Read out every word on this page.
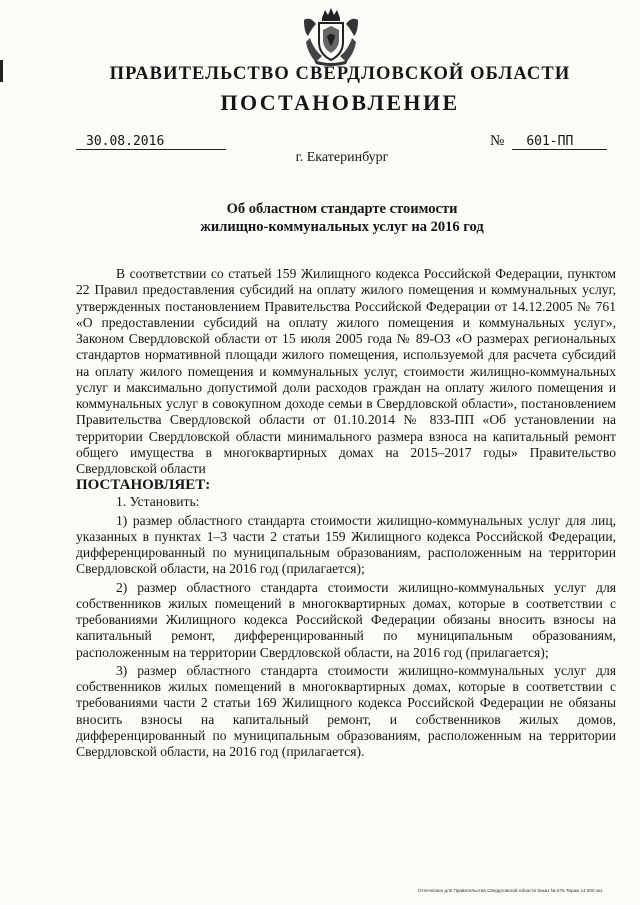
ПРАВИТЕЛЬСТВО СВЕРДЛОВСКОЙ ОБЛАСТИ
ПОСТАНОВЛЕНИЕ
30.08.2016	№	601-ПП
г. Екатеринбург
Об областном стандарте стоимости
жилищно-коммунальных услуг на 2016 год

В соответствии со статьей 159 Жилищного кодекса Российской Федерации, пунктом 22 Правил предоставления субсидий на оплату жилого помещения и коммунальных услуг, утвержденных постановлением Правительства Российской Федерации от 14.12.2005 № 761 «О предоставлении субсидий на оплату жилого помещения и коммунальных услуг», Законом Свердловской области от 15 июля 2005 года № 89-ОЗ «О размерах региональных стандартов нормативной площади жилого помещения, используемой для расчета субсидий на оплату жилого помещения и коммунальных услуг, стоимости жилищно-коммунальных услуг и максимально допустимой доли расходов граждан на оплату жилого помещения и коммунальных услуг в совокупном доходе семьи в Свердловской области», постановлением Правительства Свердловской области от 01.10.2014 № 833-ПП «Об установлении на территории Свердловской области минимального размера взноса на капитальный ремонт общего имущества в многоквартирных домах на 2015–2017 годы» Правительство Свердловской области

ПОСТАНОВЛЯЕТ:

1. Установить:

1) размер областного стандарта стоимости жилищно-коммунальных услуг для лиц, указанных в пунктах 1–3 части 2 статьи 159 Жилищного кодекса Российской Федерации, дифференцированный по муниципальным образованиям, расположенным на территории Свердловской области, на 2016 год (прилагается);

2) размер областного стандарта стоимости жилищно-коммунальных услуг для собственников жилых помещений в многоквартирных домах, которые в соответствии с требованиями Жилищного кодекса Российской Федерации обязаны вносить взносы на капитальный ремонт, дифференцированный по муниципальным образованиям, расположенным на территории Свердловской области, на 2016 год (прилагается);

3) размер областного стандарта стоимости жилищно-коммунальных услуг для собственников жилых помещений в многоквартирных домах, которые в соответствии с требованиями части 2 статьи 169 Жилищного кодекса Российской Федерации не обязаны вносить взносы на капитальный ремонт, и собственников жилых домов, дифференцированный по муниципальным образованиям, расположенным на территории Свердловской области, на 2016 год (прилагается).

Отпечатано для Правительства Свердловской области Заказ № 575 Тираж 14 000 экз
